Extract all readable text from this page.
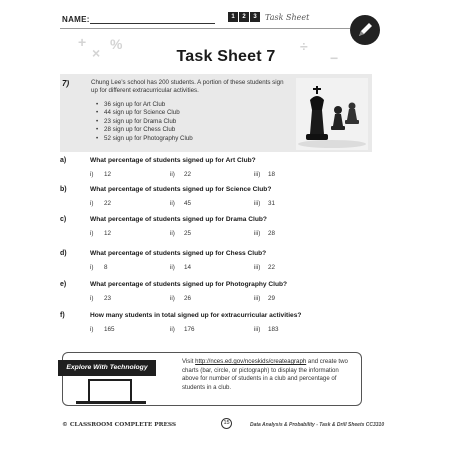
+
×
%	÷
−
NAME:	1	2	3	Task Sheet
Task Sheet 7
7)	Chung Lee’s school has 200 students. A portion of these students sign up for different extracurricular activities.
• 36 sign up for Art Club
• 44 sign up for Science Club
• 23 sign up for Drama Club
• 28 sign up for Chess Club
• 52 sign up for Photography Club
a)	What percentage of students signed up for Art Club?
i) 12	ii) 22	iii) 18
b)	What percentage of students signed up for Science Club?
i) 22	ii) 45	iii) 31
c)	What percentage of students signed up for Drama Club?
i) 12	ii) 25	iii) 28
d)	What percentage of students signed up for Chess Club?
i) 8	ii) 14	iii) 22
e)	What percentage of students signed up for Photography Club?
i) 23	ii) 26	iii) 29
f)	How many students in total signed up for extracurricular activities?
i) 165	ii) 176	iii) 183
Explore With Technology
Visit http://nces.ed.gov/nceskids/createagraph and create two charts (bar, circle, or pictograph) to display the information above for number of students in a club and percentage of students in a club.
© CLASSROOM COMPLETE PRESS	15	Data Analysis & Probability - Task & Drill Sheets CC3310
